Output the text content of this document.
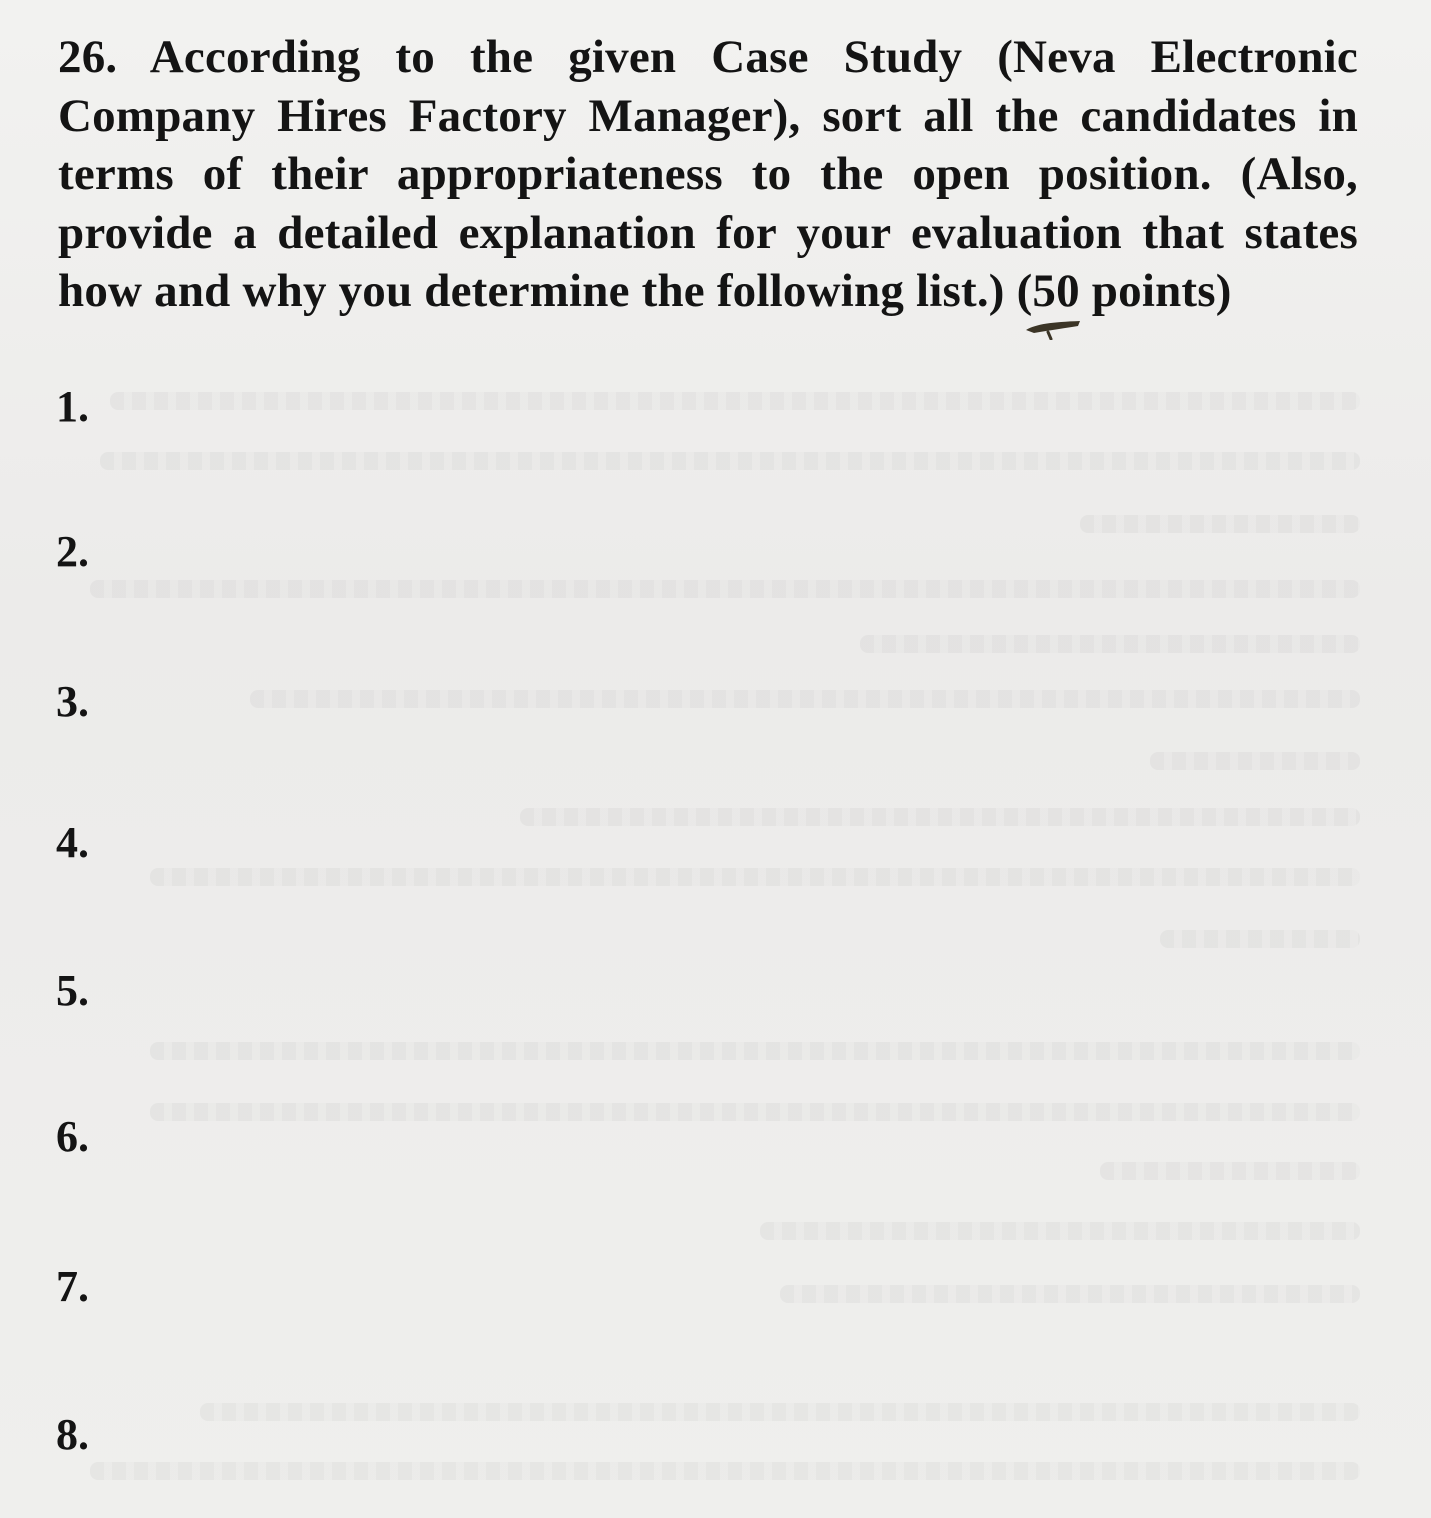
26. According to the given Case Study (Neva Electronic Company Hires Factory Manager), sort all the candidates in terms of their appropriateness to the open position. (Also, provide a detailed explanation for your evaluation that states how and why you determine the following list.) (50 points)

1.
2.
3.
4.
5.
6.
7.
8.
